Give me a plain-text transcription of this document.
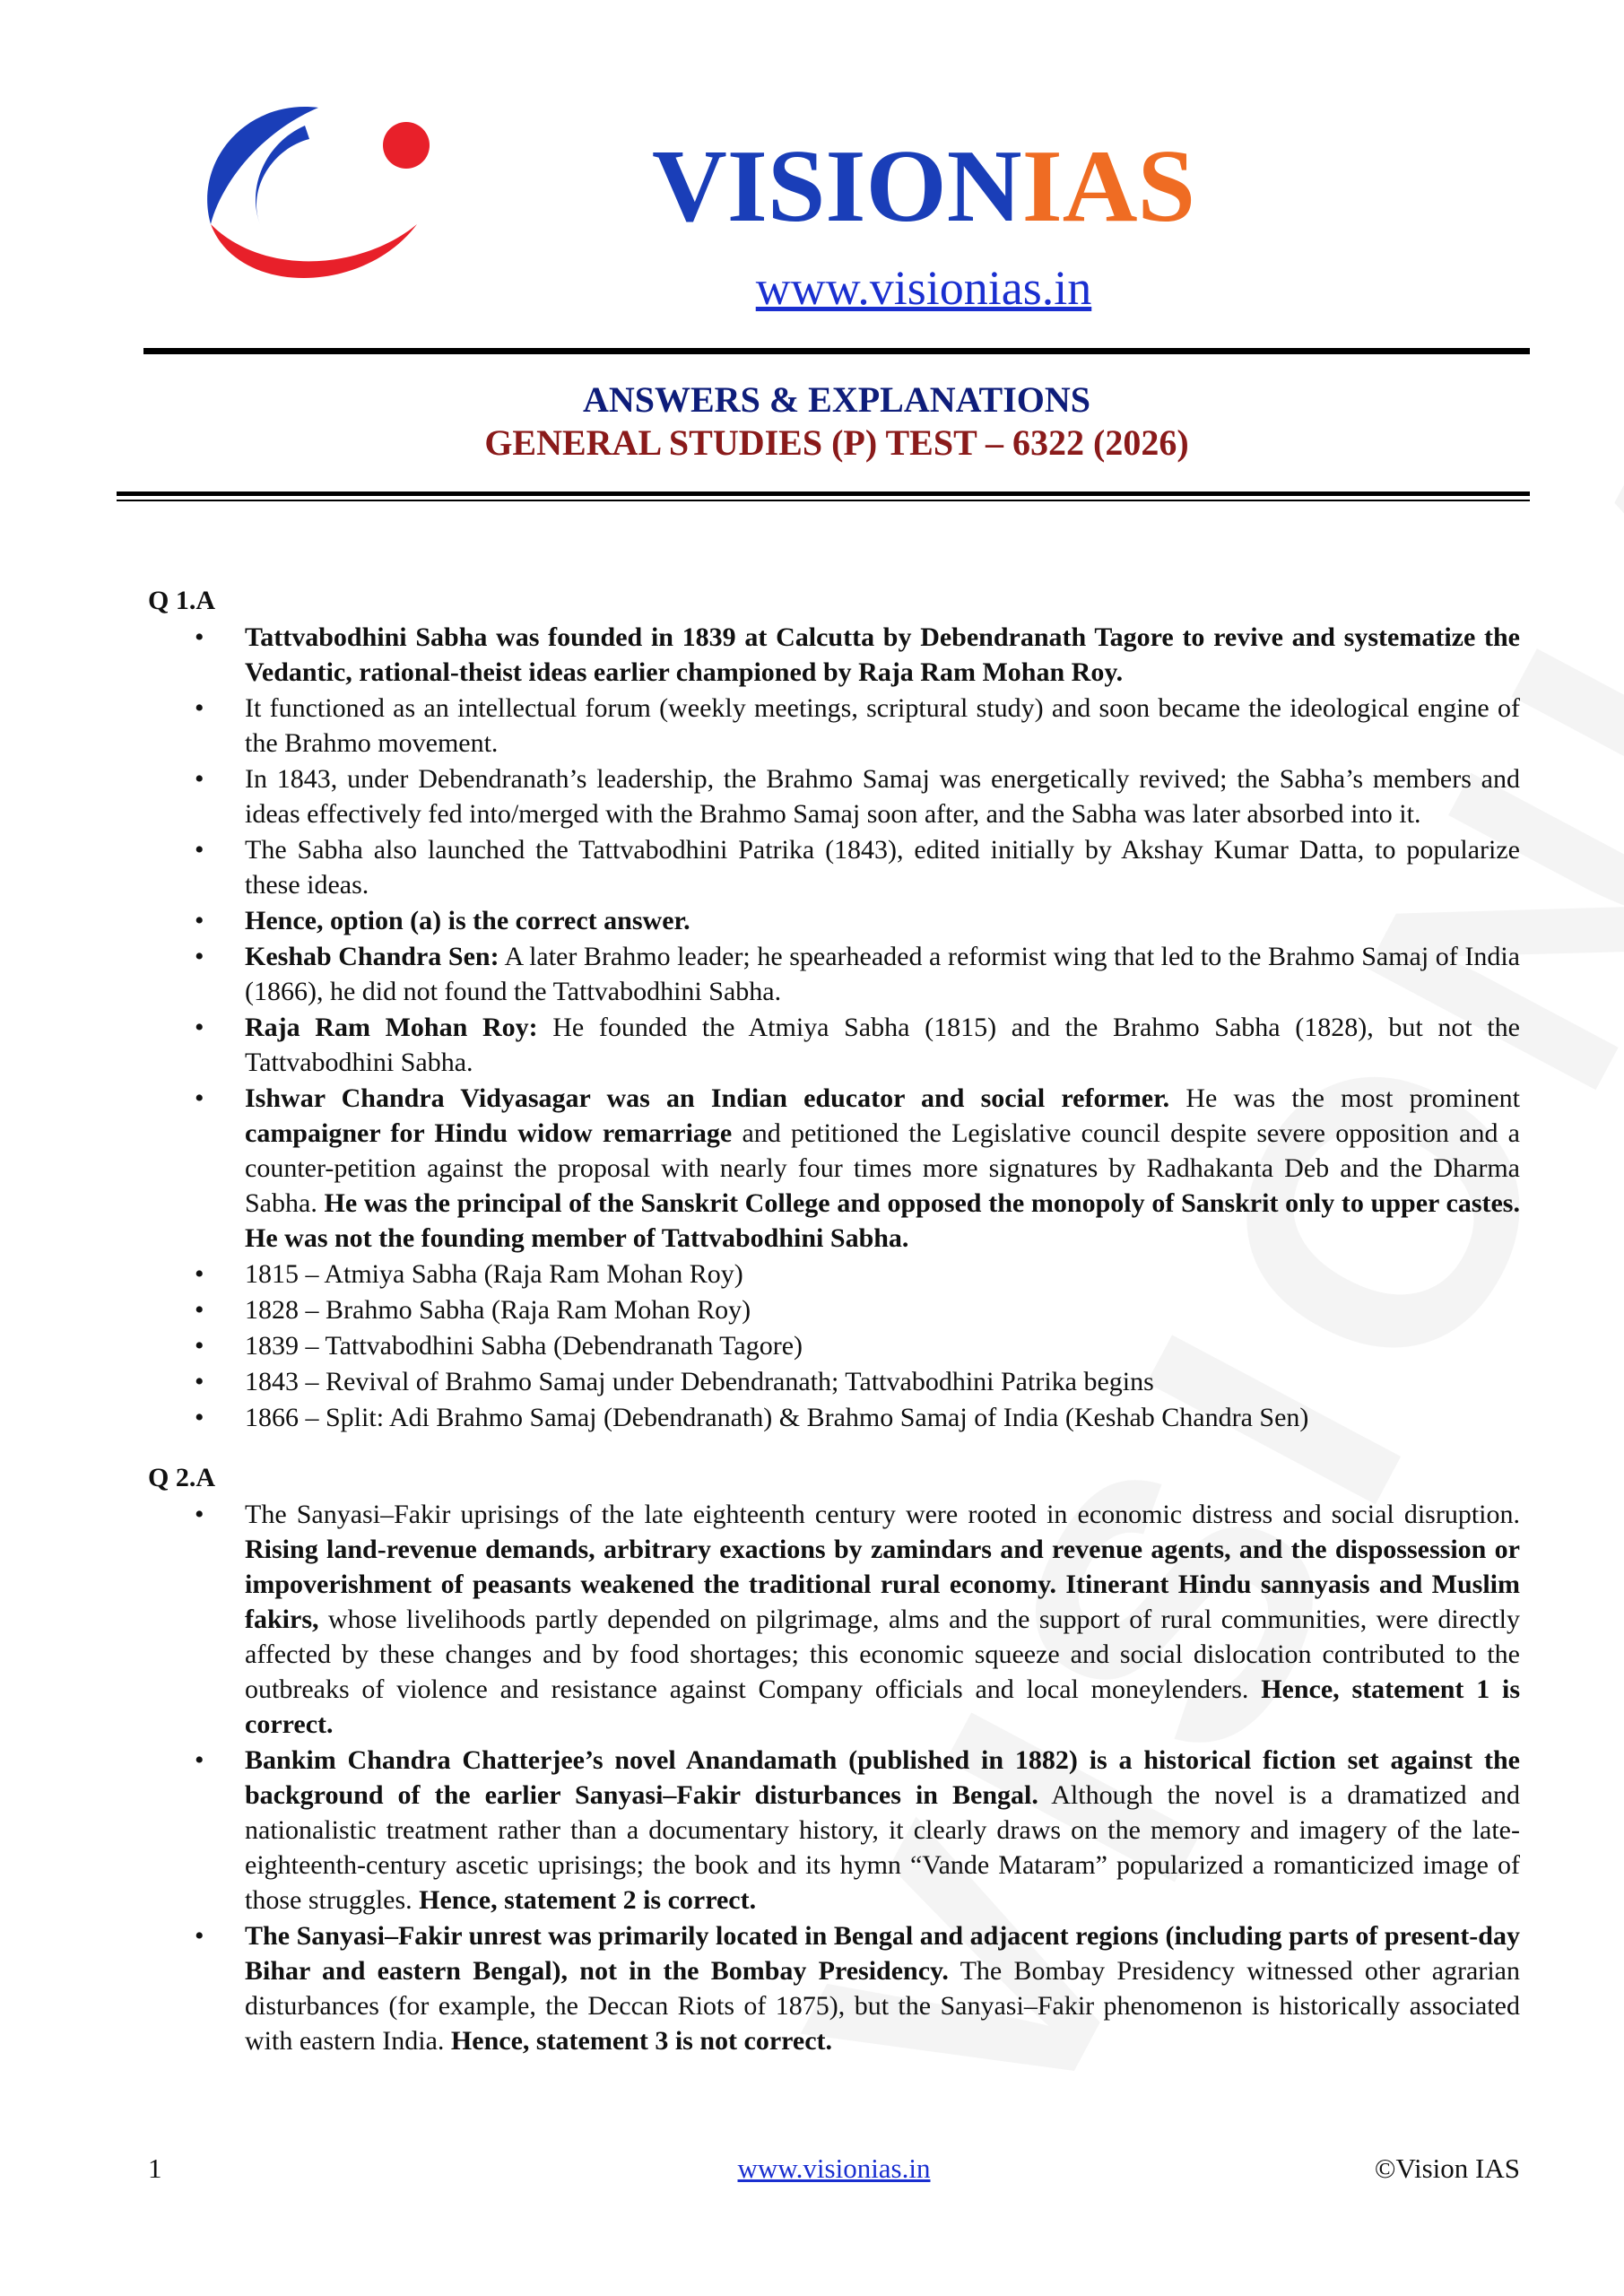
VISIONIAS
www.visionias.in
ANSWERS & EXPLANATIONS
GENERAL STUDIES (P) TEST – 6322 (2026)
Q 1.A
• Tattvabodhini Sabha was founded in 1839 at Calcutta by Debendranath Tagore to revive and systematize the Vedantic, rational-theist ideas earlier championed by Raja Ram Mohan Roy.
• It functioned as an intellectual forum (weekly meetings, scriptural study) and soon became the ideological engine of the Brahmo movement.
• In 1843, under Debendranath’s leadership, the Brahmo Samaj was energetically revived; the Sabha’s members and ideas effectively fed into/merged with the Brahmo Samaj soon after, and the Sabha was later absorbed into it.
• The Sabha also launched the Tattvabodhini Patrika (1843), edited initially by Akshay Kumar Datta, to popularize these ideas.
• Hence, option (a) is the correct answer.
• Keshab Chandra Sen: A later Brahmo leader; he spearheaded a reformist wing that led to the Brahmo Samaj of India (1866), he did not found the Tattvabodhini Sabha.
• Raja Ram Mohan Roy: He founded the Atmiya Sabha (1815) and the Brahmo Sabha (1828), but not the Tattvabodhini Sabha.
• Ishwar Chandra Vidyasagar was an Indian educator and social reformer. He was the most prominent campaigner for Hindu widow remarriage and petitioned the Legislative council despite severe opposition and a counter-petition against the proposal with nearly four times more signatures by Radhakanta Deb and the Dharma Sabha. He was the principal of the Sanskrit College and opposed the monopoly of Sanskrit only to upper castes. He was not the founding member of Tattvabodhini Sabha.
• 1815 – Atmiya Sabha (Raja Ram Mohan Roy)
• 1828 – Brahmo Sabha (Raja Ram Mohan Roy)
• 1839 – Tattvabodhini Sabha (Debendranath Tagore)
• 1843 – Revival of Brahmo Samaj under Debendranath; Tattvabodhini Patrika begins
• 1866 – Split: Adi Brahmo Samaj (Debendranath) & Brahmo Samaj of India (Keshab Chandra Sen)
Q 2.A
• The Sanyasi–Fakir uprisings of the late eighteenth century were rooted in economic distress and social disruption. Rising land-revenue demands, arbitrary exactions by zamindars and revenue agents, and the dispossession or impoverishment of peasants weakened the traditional rural economy. Itinerant Hindu sannyasis and Muslim fakirs, whose livelihoods partly depended on pilgrimage, alms and the support of rural communities, were directly affected by these changes and by food shortages; this economic squeeze and social dislocation contributed to the outbreaks of violence and resistance against Company officials and local moneylenders. Hence, statement 1 is correct.
• Bankim Chandra Chatterjee’s novel Anandamath (published in 1882) is a historical fiction set against the background of the earlier Sanyasi–Fakir disturbances in Bengal. Although the novel is a dramatized and nationalistic treatment rather than a documentary history, it clearly draws on the memory and imagery of the late-eighteenth-century ascetic uprisings; the book and its hymn “Vande Mataram” popularized a romanticized image of those struggles. Hence, statement 2 is correct.
• The Sanyasi–Fakir unrest was primarily located in Bengal and adjacent regions (including parts of present-day Bihar and eastern Bengal), not in the Bombay Presidency. The Bombay Presidency witnessed other agrarian disturbances (for example, the Deccan Riots of 1875), but the Sanyasi–Fakir phenomenon is historically associated with eastern India. Hence, statement 3 is not correct.
1	www.visionias.in	©Vision IAS
